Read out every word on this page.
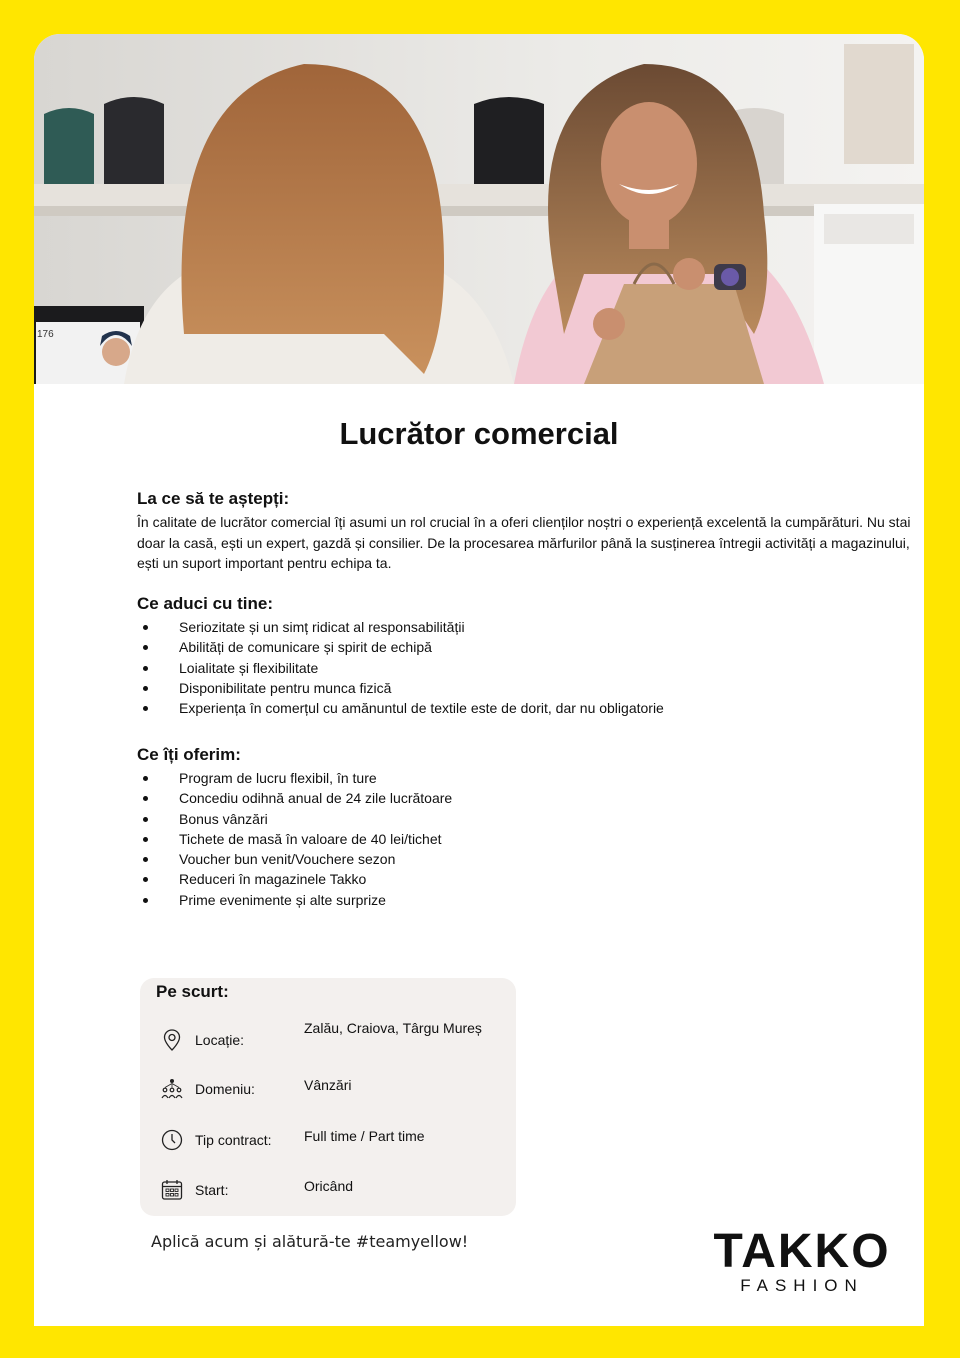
176
Lucrător comercial
La ce să te aștepți:

În calitate de lucrător comercial îți asumi un rol crucial în a oferi clienților noștri o experiență excelentă la cumpărături. Nu stai doar la casă, ești un expert, gazdă și consilier. De la procesarea mărfurilor până la susținerea întregii activități a magazinului, ești un suport important pentru echipa ta.

Ce aduci cu tine:
Seriozitate și un simț ridicat al responsabilității
Abilități de comunicare și spirit de echipă
Loialitate și flexibilitate
Disponibilitate pentru munca fizică
Experiența în comerțul cu amănuntul de textile este de dorit, dar nu obligatorie
Ce îți oferim:
Program de lucru flexibil, în ture
Concediu odihnă anual de 24 zile lucrătoare
Bonus vânzări
Tichete de masă în valoare de 40 lei/tichet
Voucher bun venit/Vouchere sezon
Reduceri în magazinele Takko
Prime evenimente și alte surprize
Pe scurt:
Locație:
Zalău, Craiova, Târgu Mureș
Domeniu:	Vânzări
Tip contract: Full time / Part time
Start:	Oricând
Aplică acum și alătură-te #teamyellow!	TAKKO
FASHION
